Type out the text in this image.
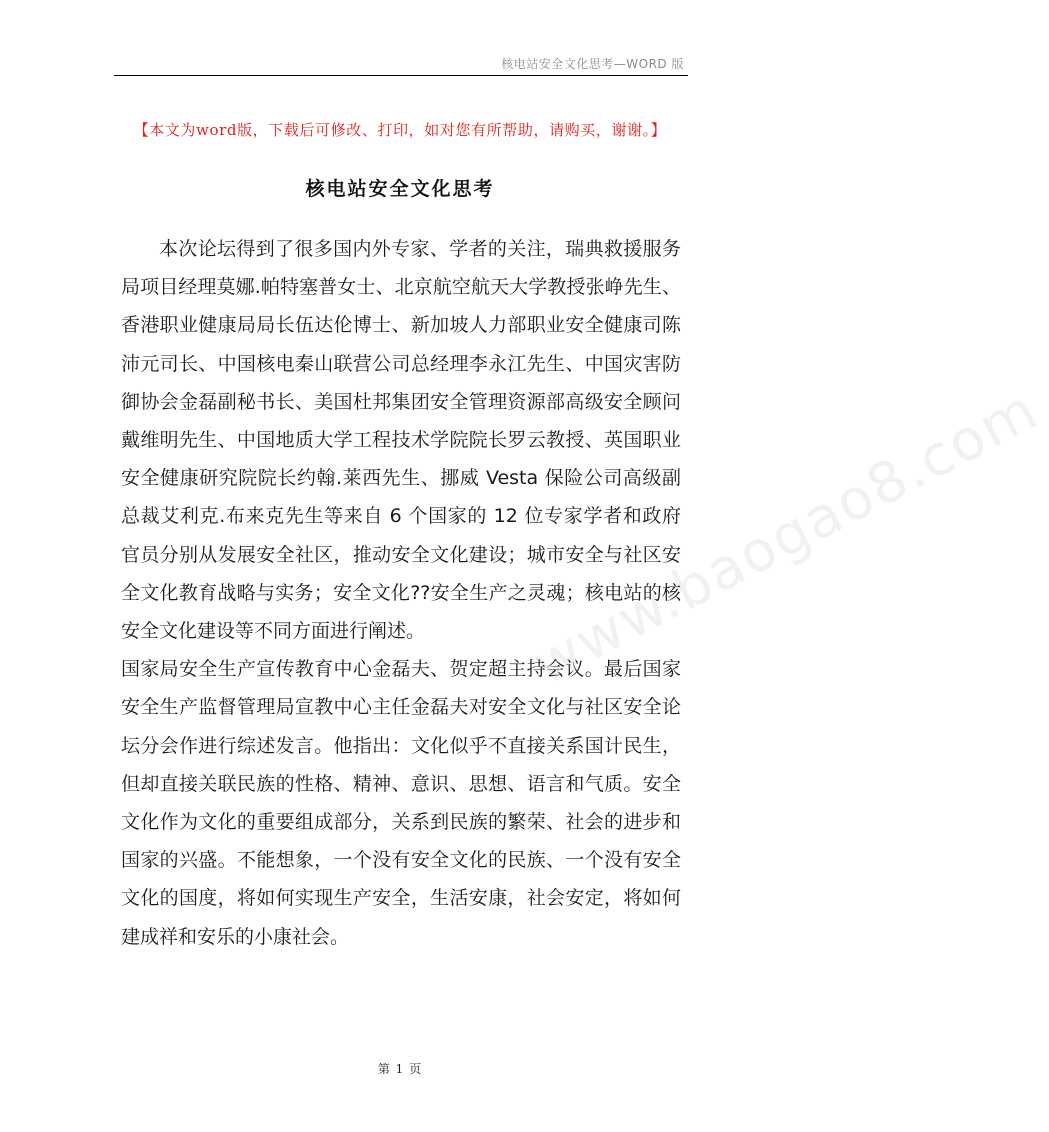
核电站安全文化思考—WORD 版
【本文为word版，下载后可修改、打印，如对您有所帮助，请购买，谢谢。】
核电站安全文化思考

本次论坛得到了很多国内外专家、学者的关注，瑞典救援服务局项目经理莫娜.帕特塞普女士、北京航空航天大学教授张峥先生、香港职业健康局局长伍达伦博士、新加坡人力部职业安全健康司陈沛元司长、中国核电秦山联营公司总经理李永江先生、中国灾害防御协会金磊副秘书长、美国杜邦集团安全管理资源部高级安全顾问戴维明先生、中国地质大学工程技术学院院长罗云教授、英国职业安全健康研究院院长约翰.莱西先生、挪威 Vesta 保险公司高级副总裁艾利克.布来克先生等来自 6 个国家的 12 位专家学者和政府官员分别从发展安全社区，推动安全文化建设；城市安全与社区安全文化教育战略与实务；安全文化??安全生产之灵魂；核电站的核安全文化建设等不同方面进行阐述。

国家局安全生产宣传教育中心金磊夫、贺定超主持会议。最后国家安全生产监督管理局宣教中心主任金磊夫对安全文化与社区安全论坛分会作进行综述发言。他指出：文化似乎不直接关系国计民生，但却直接关联民族的性格、精神、意识、思想、语言和气质。安全文化作为文化的重要组成部分，关系到民族的繁荣、社会的进步和国家的兴盛。不能想象，一个没有安全文化的民族、一个没有安全文化的国度，将如何实现生产安全，生活安康，社会安定，将如何建成祥和安乐的小康社会。

www.baogao8.com
第 1 页
